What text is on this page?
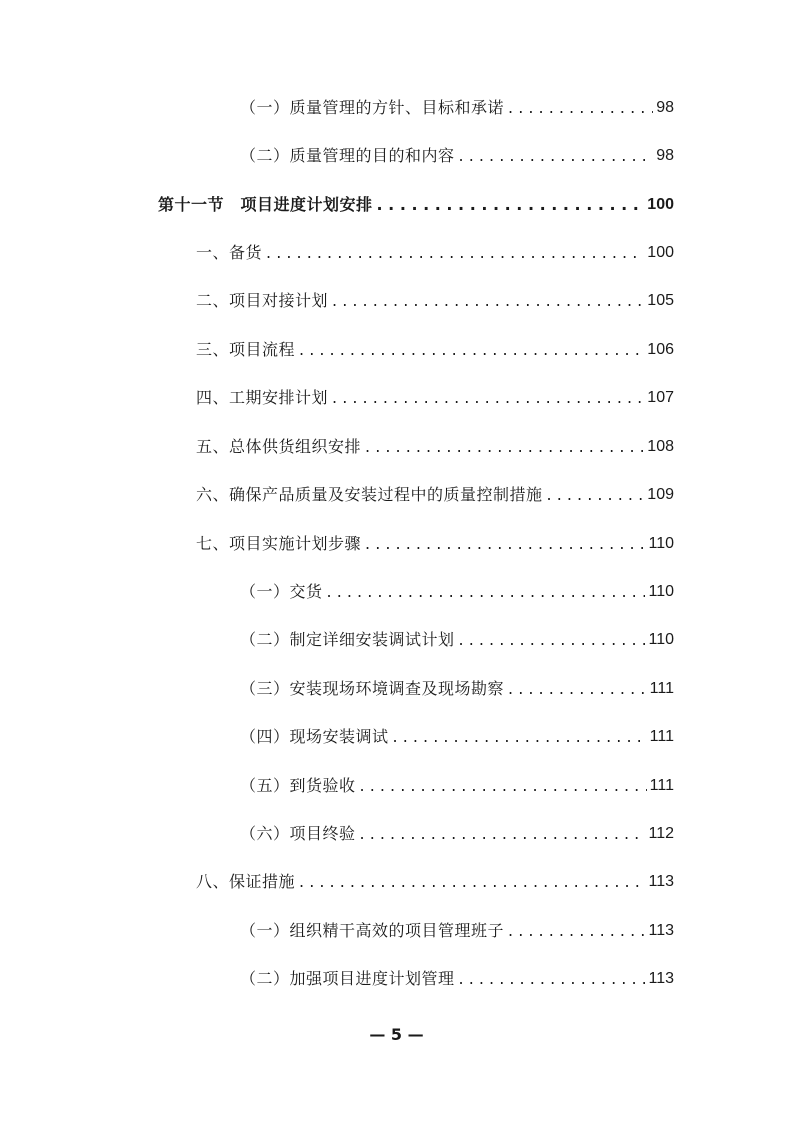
（一）质量管理的方针、目标和承诺 . . .	98
（二）质量管理的目的和内容 . . .	98
第十一节　项目进度计划安排 . . .	100
一、备货 . . .	100
二、项目对接计划 . . .	105
三、项目流程 . . .	106
四、工期安排计划 . . .	107
五、总体供货组织安排 . . .	108
六、确保产品质量及安装过程中的质量控制措施 . . .	109
七、项目实施计划步骤 . . .	110
（一）交货 . . .	110
（二）制定详细安装调试计划 . . .	110
（三）安装现场环境调查及现场勘察 . . .	111
（四）现场安装调试 . . .	111
（五）到货验收 . . .	111
（六）项目终验 . . .	112
八、保证措施 . . .	113
（一）组织精干高效的项目管理班子 . . .	113
（二）加强项目进度计划管理 . . .	113
— 5 —
